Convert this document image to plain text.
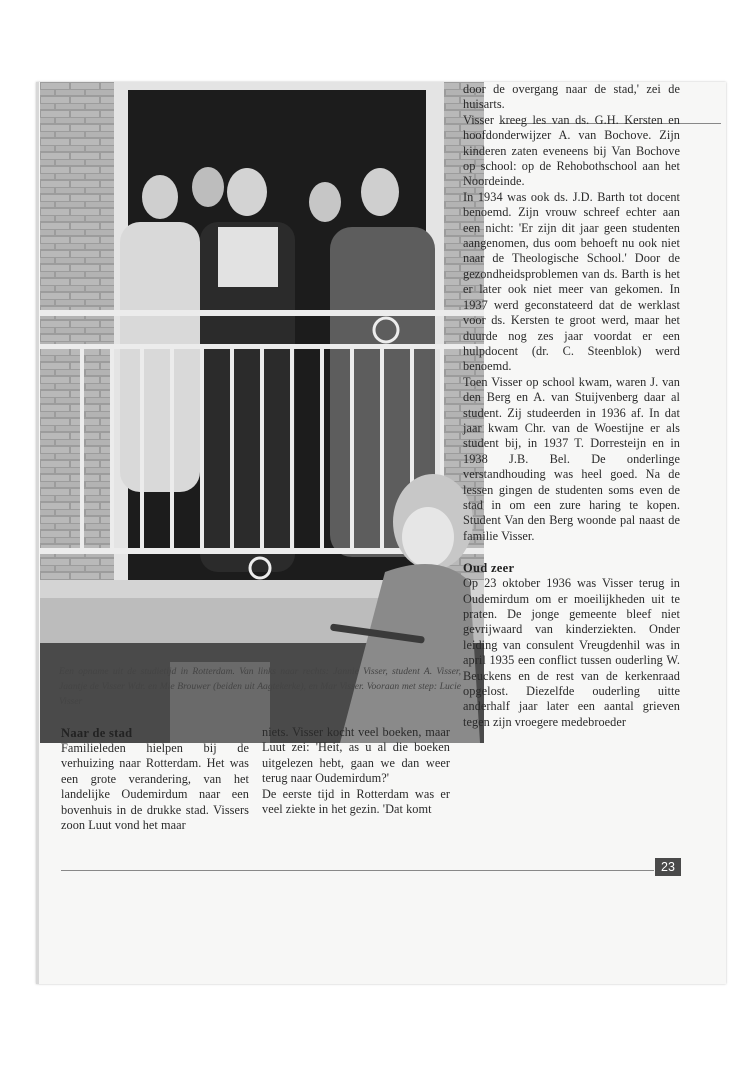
Een opname uit de studietijd in Rotterdam. Van links naar rechts: Jannie Visser, student A. Visser, Jaantje de Visser Wdr. en Mie Brouwer (beiden uit Aagtekerke), en Mar Visser. Vooraan met step: Lucie Visser

Naar de stad

Familieleden hielpen bij de verhuizing naar Rotterdam. Het was een grote verandering, van het landelijke Oudemirdum naar een bovenhuis in de drukke stad. Vissers zoon Luut vond het maar

niets. Visser kocht veel boeken, maar Luut zei: 'Heit, as u al die boeken uitgelezen hebt, gaan we dan weer terug naar Oudemirdum?'

De eerste tijd in Rotterdam was er veel ziekte in het gezin. 'Dat komt

door de overgang naar de stad,' zei de huisarts.

Visser kreeg les van ds. G.H. Kersten en hoofdonderwijzer A. van Bochove. Zijn kinderen zaten eveneens bij Van Bochove op school: op de Rehobothschool aan het Noordeinde.

In 1934 was ook ds. J.D. Barth tot docent benoemd. Zijn vrouw schreef echter aan een nicht: 'Er zijn dit jaar geen studenten aangenomen, dus oom behoeft nu ook niet naar de Theologische School.' Door de gezondheidsproblemen van ds. Barth is het er later ook niet meer van gekomen. In 1937 werd geconstateerd dat de werklast voor ds. Kersten te groot werd, maar het duurde nog zes jaar voordat er een hulpdocent (dr. C. Steenblok) werd benoemd.

Toen Visser op school kwam, waren J. van den Berg en A. van Stuijvenberg daar al student. Zij studeerden in 1936 af. In dat jaar kwam Chr. van de Woestijne er als student bij, in 1937 T. Dorresteijn en in 1938 J.B. Bel. De onderlinge verstandhouding was heel goed. Na de lessen gingen de studenten soms even de stad in om een zure haring te kopen. Student Van den Berg woonde pal naast de familie Visser.

Oud zeer

Op 23 oktober 1936 was Visser terug in Oudemirdum om er moeilijkheden uit te praten. De jonge gemeente bleef niet gevrijwaard van kinderziekten. Onder leiding van consulent Vreugdenhil was in april 1935 een conflict tussen ouderling W. Beuckens en de rest van de kerkenraad opgelost. Diezelfde ouderling uitte anderhalf jaar later een aantal grieven tegen zijn vroegere medebroeder

23
